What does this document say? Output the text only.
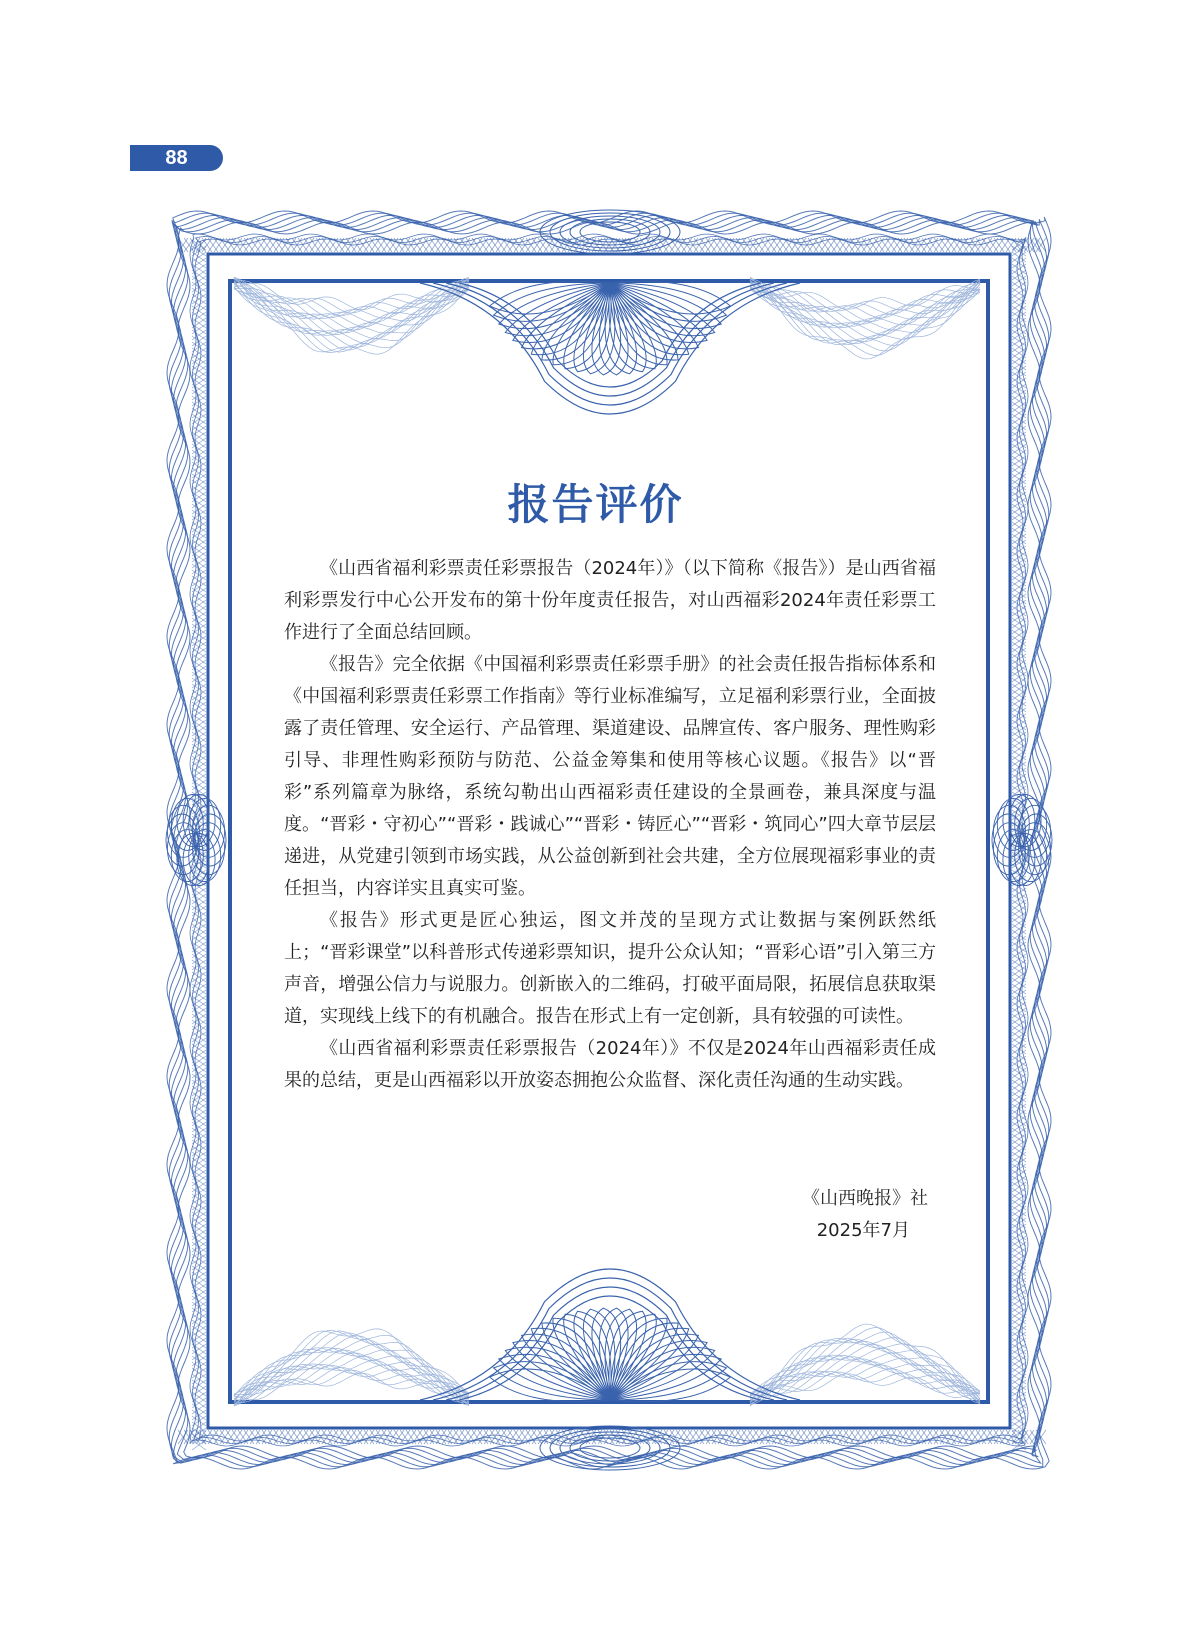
88
报告评价

《山西省福利彩票责任彩票报告（2024年）》（以下简称《报告》）是山西省福利彩票发行中心公开发布的第十份年度责任报告，对山西福彩2024年责任彩票工作进行了全面总结回顾。

《报告》完全依据《中国福利彩票责任彩票手册》的社会责任报告指标体系和《中国福利彩票责任彩票工作指南》等行业标准编写，立足福利彩票行业，全面披露了责任管理、安全运行、产品管理、渠道建设、品牌宣传、客户服务、理性购彩引导、非理性购彩预防与防范、公益金筹集和使用等核心议题。《报告》以“晋彩”系列篇章为脉络，系统勾勒出山西福彩责任建设的全景画卷，兼具深度与温度。“晋彩・守初心”“晋彩・践诚心”“晋彩・铸匠心”“晋彩・筑同心”四大章节层层递进，从党建引领到市场实践，从公益创新到社会共建，全方位展现福彩事业的责任担当，内容详实且真实可鉴。

《报告》形式更是匠心独运，图文并茂的呈现方式让数据与案例跃然纸上；“晋彩课堂”以科普形式传递彩票知识，提升公众认知；“晋彩心语”引入第三方声音，增强公信力与说服力。创新嵌入的二维码，打破平面局限，拓展信息获取渠道，实现线上线下的有机融合。报告在形式上有一定创新，具有较强的可读性。

《山西省福利彩票责任彩票报告（2024年）》不仅是2024年山西福彩责任成果的总结，更是山西福彩以开放姿态拥抱公众监督、深化责任沟通的生动实践。

《山西晚报》社
2025年7月
